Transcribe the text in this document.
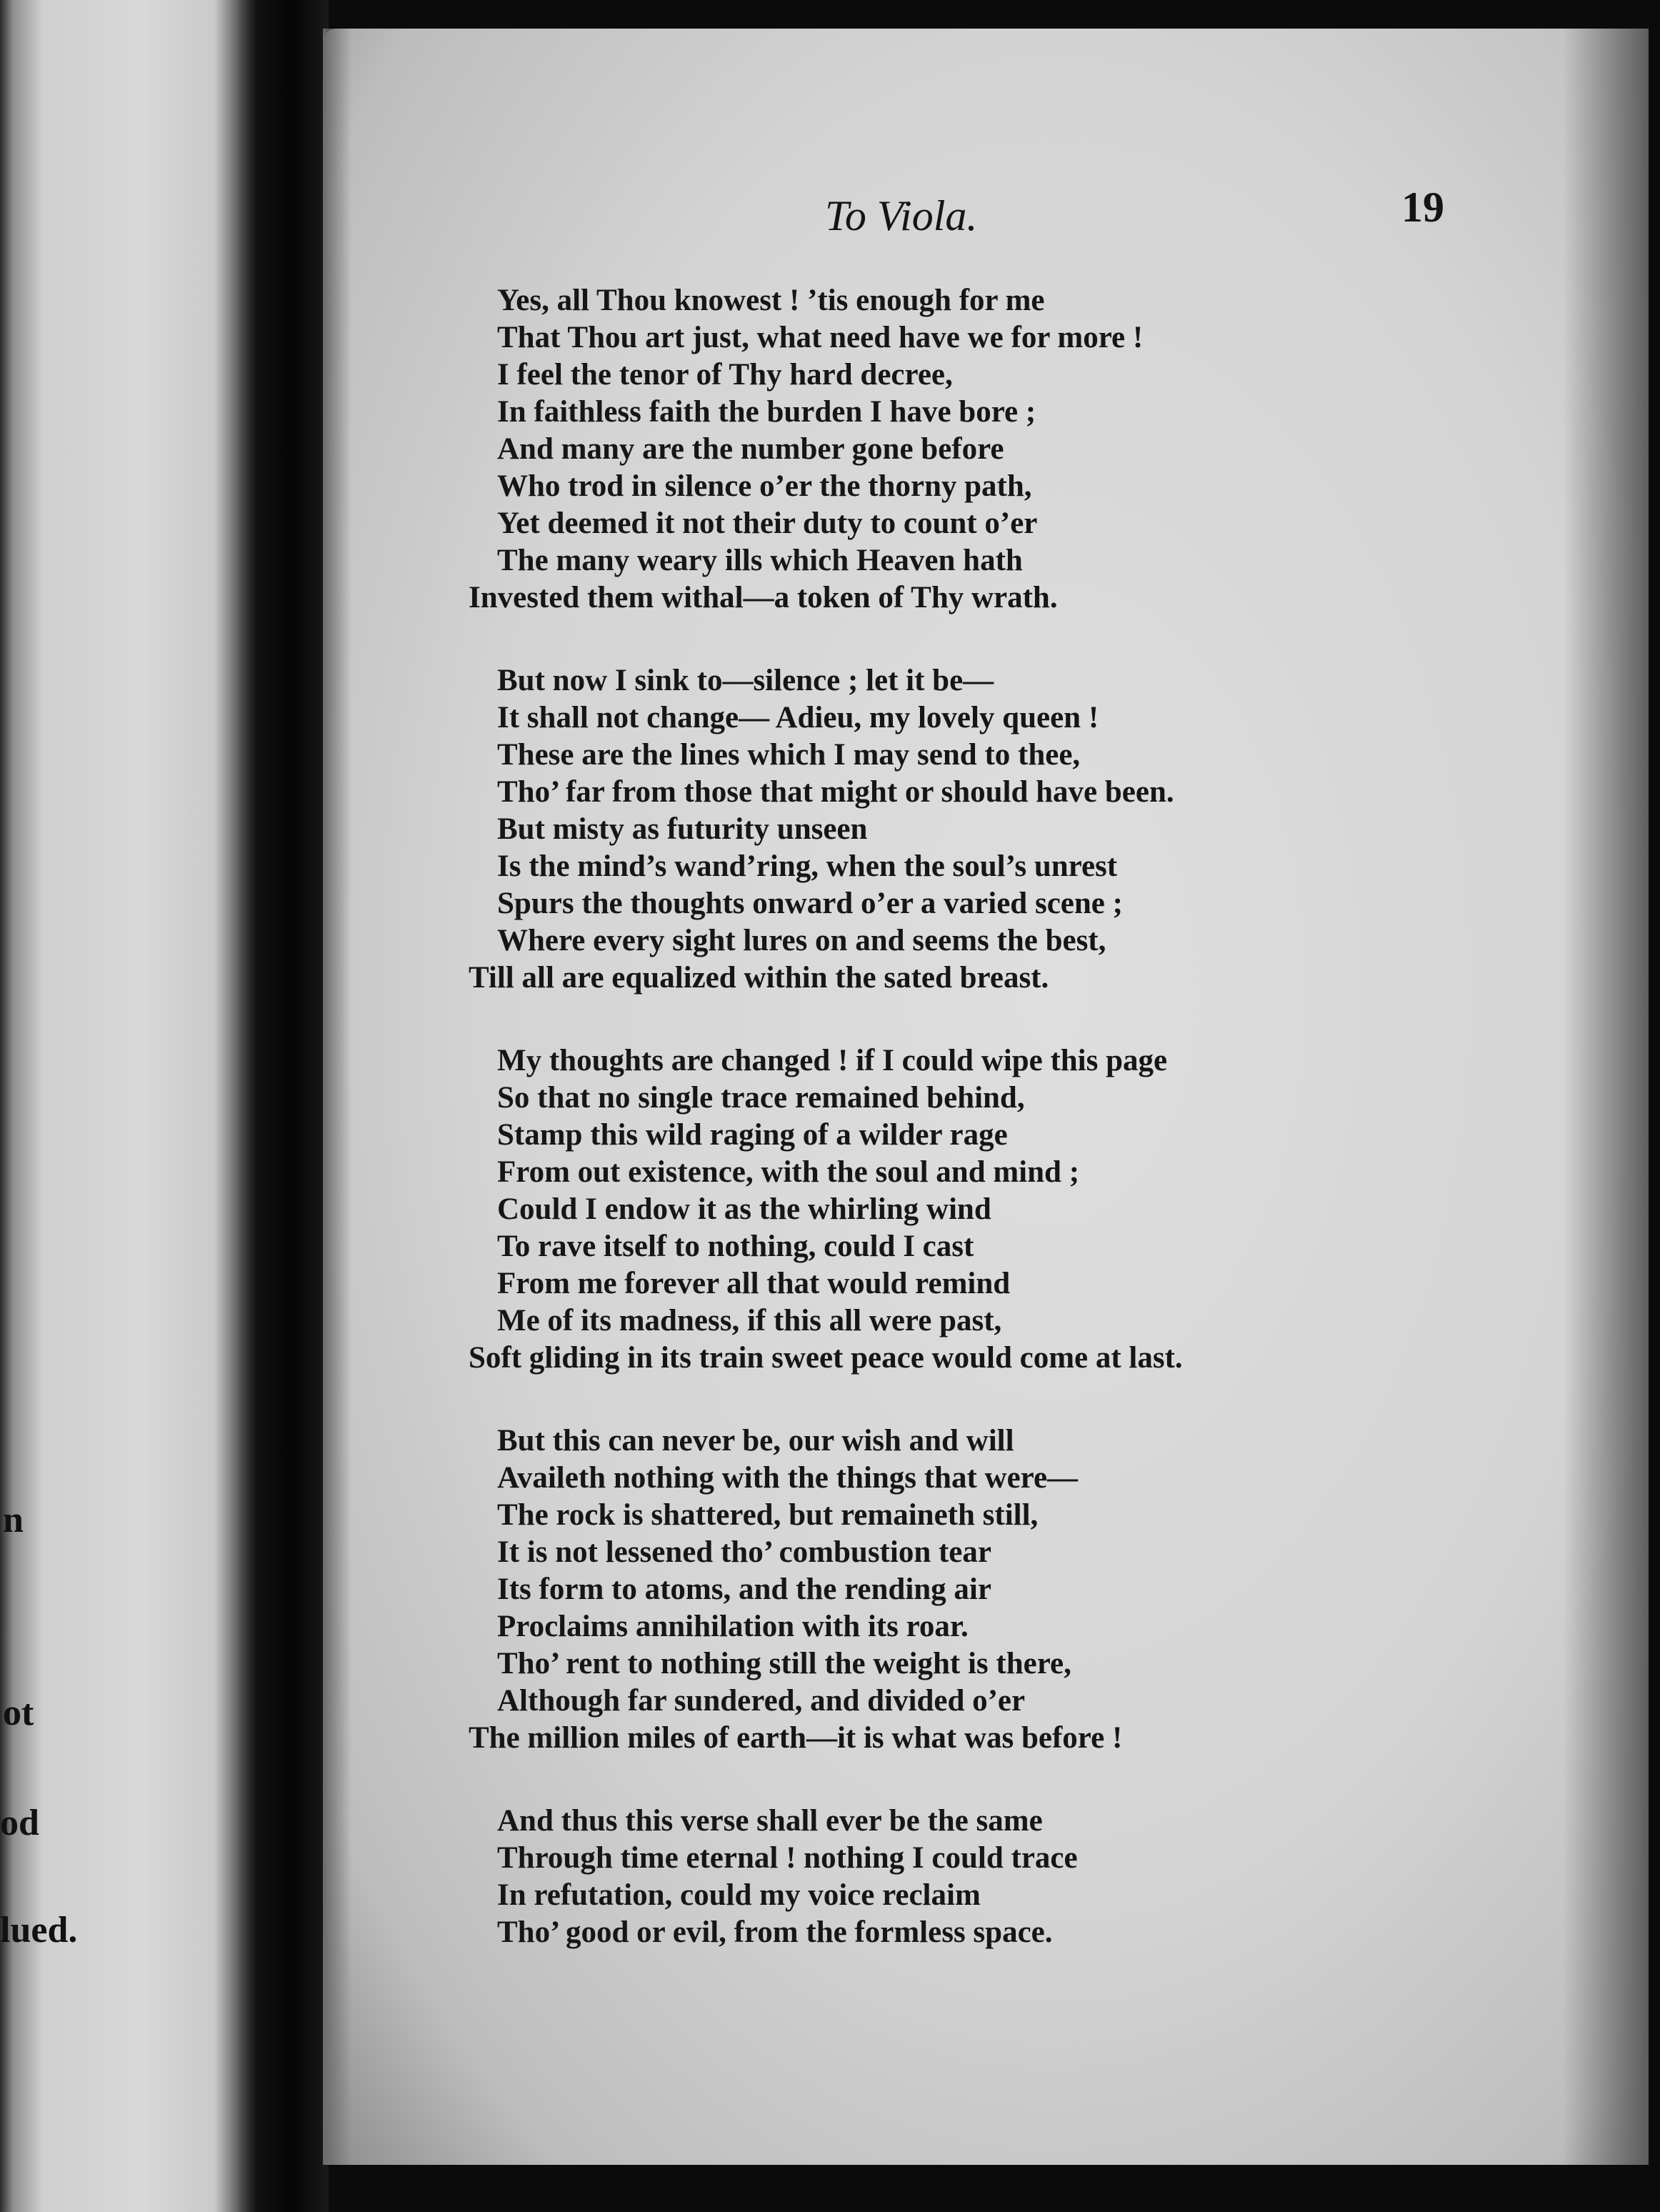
n
ot
od
lued.
To Viola.	19
Yes, all Thou knowest ! ’tis enough for me
That Thou art just, what need have we for more !
I feel the tenor of Thy hard decree,
In faithless faith the burden I have bore ;
And many are the number gone before
Who trod in silence o’er the thorny path,
Yet deemed it not their duty to count o’er
The many weary ills which Heaven hath
Invested them withal—a token of Thy wrath.
But now I sink to—silence ; let it be—
It shall not change— Adieu, my lovely queen !
These are the lines which I may send to thee,
Tho’ far from those that might or should have been.
But misty as futurity unseen
Is the mind’s wand’ring, when the soul’s unrest
Spurs the thoughts onward o’er a varied scene ;
Where every sight lures on and seems the best,
Till all are equalized within the sated breast.
My thoughts are changed ! if I could wipe this page
So that no single trace remained behind,
Stamp this wild raging of a wilder rage
From out existence, with the soul and mind ;
Could I endow it as the whirling wind
To rave itself to nothing, could I cast
From me forever all that would remind
Me of its madness, if this all were past,
Soft gliding in its train sweet peace would come at last.
But this can never be, our wish and will
Availeth nothing with the things that were—
The rock is shattered, but remaineth still,
It is not lessened tho’ combustion tear
Its form to atoms, and the rending air
Proclaims annihilation with its roar.
Tho’ rent to nothing still the weight is there,
Although far sundered, and divided o’er
The million miles of earth—it is what was before !
And thus this verse shall ever be the same
Through time eternal ! nothing I could trace
In refutation, could my voice reclaim
Tho’ good or evil, from the formless space.
